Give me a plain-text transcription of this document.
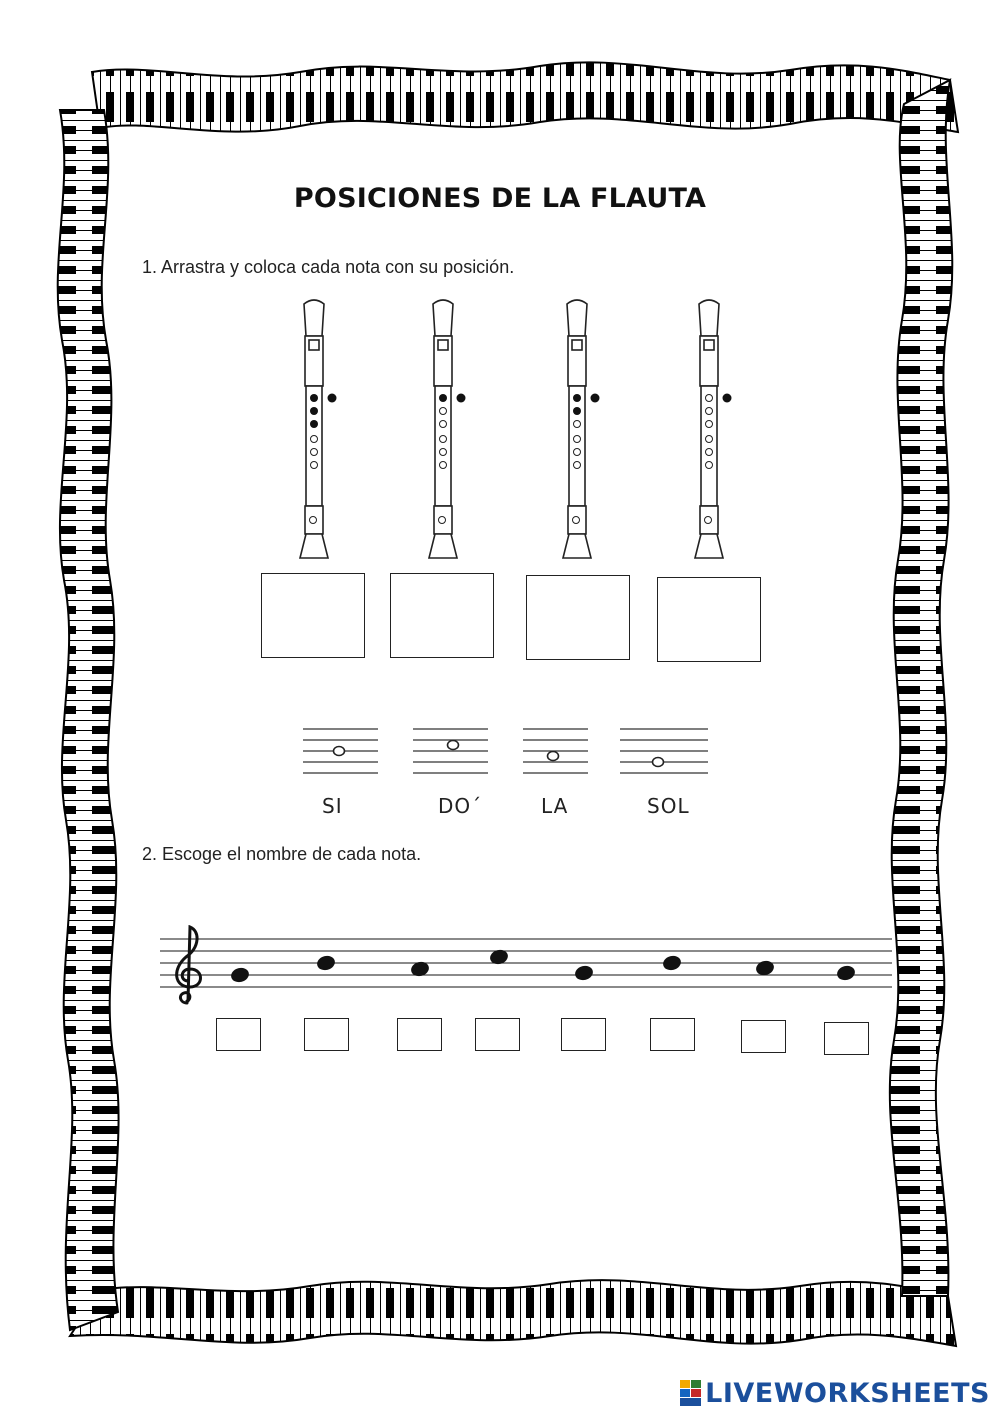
POSICIONES DE LA FLAUTA
1. Arrastra y coloca cada nota con su posición.
SI	DO´	LA	SOL
2. Escoge el nombre de cada nota.
LIVEWORKSHEETS
